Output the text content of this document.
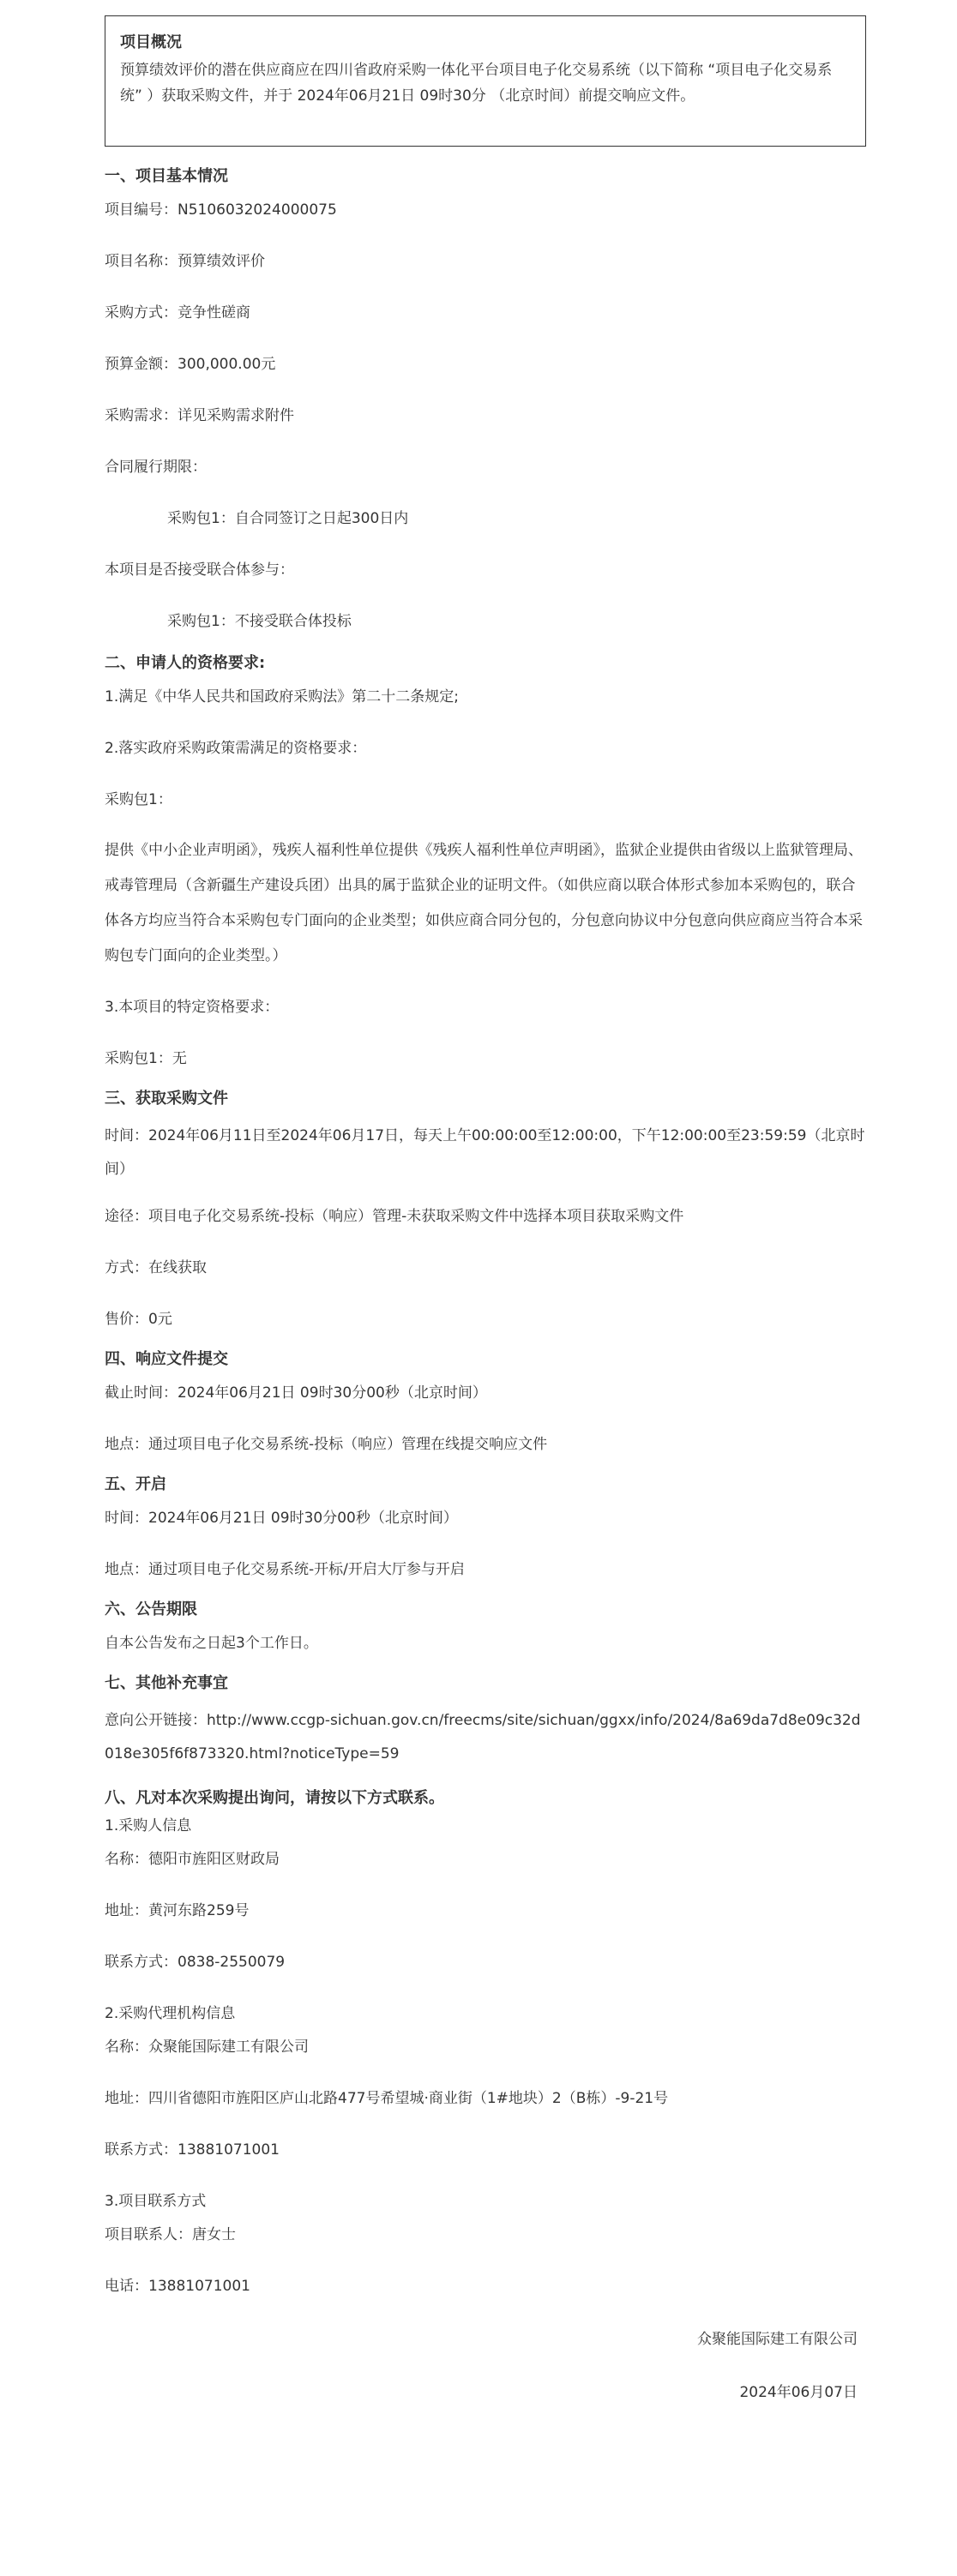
项目概况
预算绩效评价的潜在供应商应在四川省政府采购一体化平台项目电子化交易系统（以下简称 “项目电子化交易系统” ）获取采购文件，并于 2024年06月21日 09时30分 （北京时间）前提交响应文件。
一、项目基本情况
项目编号：N5106032024000075
项目名称：预算绩效评价
采购方式：竞争性磋商
预算金额：300,000.00元
采购需求：详见采购需求附件
合同履行期限：
采购包1：自合同签订之日起300日内
本项目是否接受联合体参与：
采购包1：不接受联合体投标
二、申请人的资格要求:
1.满足《中华人民共和国政府采购法》第二十二条规定;
2.落实政府采购政策需满足的资格要求：
采购包1：
提供《中小企业声明函》，残疾人福利性单位提供《残疾人福利性单位声明函》，监狱企业提供由省级以上监狱管理局、戒毒管理局（含新疆生产建设兵团）出具的属于监狱企业的证明文件。（如供应商以联合体形式参加本采购包的，联合体各方均应当符合本采购包专门面向的企业类型；如供应商合同分包的，分包意向协议中分包意向供应商应当符合本采购包专门面向的企业类型。）
3.本项目的特定资格要求：
采购包1：无
三、获取采购文件
时间：2024年06月11日至2024年06月17日，每天上午00:00:00至12:00:00，下午12:00:00至23:59:59（北京时间）
途径：项目电子化交易系统-投标（响应）管理-未获取采购文件中选择本项目获取采购文件
方式：在线获取
售价：0元
四、响应文件提交
截止时间：2024年06月21日 09时30分00秒（北京时间）
地点：通过项目电子化交易系统-投标（响应）管理在线提交响应文件
五、开启
时间：2024年06月21日 09时30分00秒（北京时间）
地点：通过项目电子化交易系统-开标/开启大厅参与开启
六、公告期限
自本公告发布之日起3个工作日。
七、其他补充事宜
意向公开链接：http://www.ccgp-sichuan.gov.cn/freecms/site/sichuan/ggxx/info/2024/8a69da7d8e09c32d018e305f6f873320.html?noticeType=59
八、凡对本次采购提出询问，请按以下方式联系。
1.采购人信息
名称：德阳市旌阳区财政局
地址：黄河东路259号
联系方式：0838-2550079
2.采购代理机构信息
名称：众聚能国际建工有限公司
地址：四川省德阳市旌阳区庐山北路477号希望城·商业街（1#地块）2（B栋）-9-21号
联系方式：13881071001
3.项目联系方式
项目联系人：唐女士
电话：13881071001
众聚能国际建工有限公司
2024年06月07日
